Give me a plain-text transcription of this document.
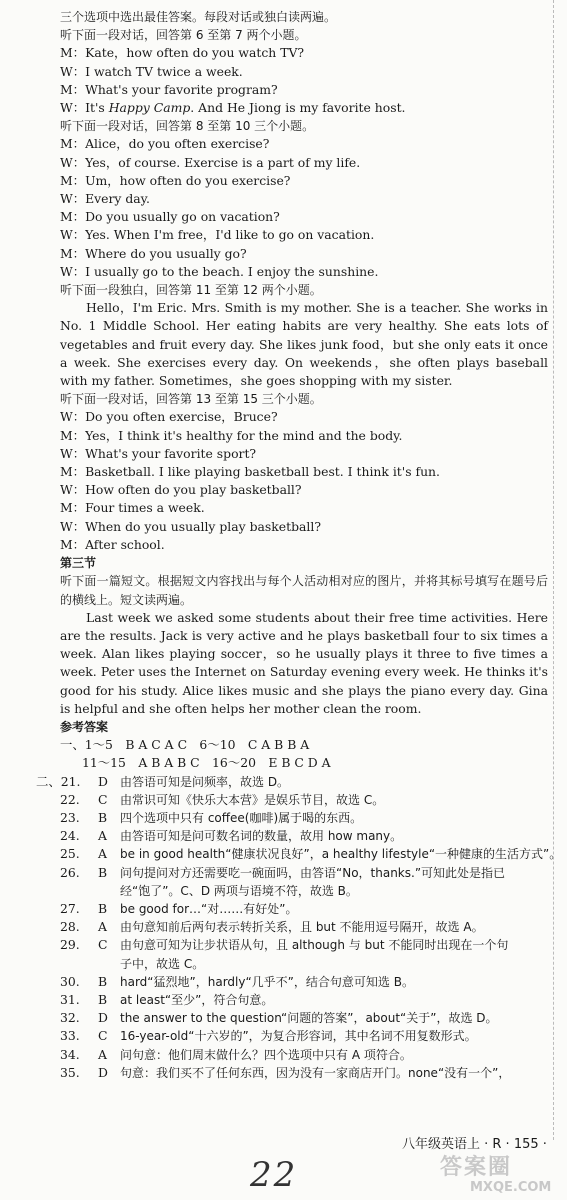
三个选项中选出最佳答案。每段对话或独白读两遍。
听下面一段对话，回答第 6 至第 7 两个小题。
M：Kate，how often do you watch TV?
W：I watch TV twice a week.
M：What's your favorite program?
W：It's Happy Camp. And He Jiong is my favorite host.
听下面一段对话，回答第 8 至第 10 三个小题。
M：Alice，do you often exercise?
W：Yes，of course. Exercise is a part of my life.
M：Um，how often do you exercise?
W：Every day.
M：Do you usually go on vacation?
W：Yes. When I'm free，I'd like to go on vacation.
M：Where do you usually go?
W：I usually go to the beach. I enjoy the sunshine.
听下面一段独白，回答第 11 至第 12 两个小题。
Hello，I'm Eric. Mrs. Smith is my mother. She is a teacher. She works in No. 1 Middle School. Her eating habits are very healthy. She eats lots of vegetables and fruit every day. She likes junk food，but she only eats it once a week. She exercises every day. On weekends，she often plays baseball with my father. Sometimes，she goes shopping with my sister.
听下面一段对话，回答第 13 至第 15 三个小题。
W：Do you often exercise，Bruce?
M：Yes，I think it's healthy for the mind and the body.
W：What's your favorite sport?
M：Basketball. I like playing basketball best. I think it's fun.
W：How often do you play basketball?
M：Four times a week.
W：When do you usually play basketball?
M：After school.
第三节
听下面一篇短文。根据短文内容找出与每个人活动相对应的图片，并将其标号填写在题号后的横线上。短文读两遍。
Last week we asked some students about their free time activities. Here are the results. Jack is very active and he plays basketball four to six times a week. Alan likes playing soccer，so he usually plays it three to five times a week. Peter uses the Internet on Saturday evening every week. He thinks it's good for his study. Alice likes music and she plays the piano every day. Gina is helpful and she often helps her mother clean the room.
参考答案
一、1～5　B A C A C　6～10　C A B B A
11～15　A B A B C　16～20　E B C D A
二、21.	D	由答语可知是问频率，故选 D。
22.	C	由常识可知《快乐大本营》是娱乐节目，故选 C。
23.	B	四个选项中只有 coffee(咖啡)属于喝的东西。
24.	A	由答语可知是问可数名词的数量，故用 how many。
25.	A	be in good health“健康状况良好”，a healthy lifestyle“一种健康的生活方式”。
26.	B	问句提问对方还需要吃一碗面吗，由答语“No，thanks.”可知此处是指已
经“饱了”。C、D 两项与语境不符，故选 B。
27.	B	be good for…“对……有好处”。
28.	A	由句意知前后两句表示转折关系，且 but 不能用逗号隔开，故选 A。
29.	C	由句意可知为让步状语从句，且 although 与 but 不能同时出现在一个句
子中，故选 C。
30.	B	hard“猛烈地”，hardly“几乎不”，结合句意可知选 B。
31.	B	at least“至少”，符合句意。
32.	D	the answer to the question“问题的答案”，about“关于”，故选 D。
33.	C	16-year-old“十六岁的”，为复合形容词，其中名词不用复数形式。
34.	A	问句意：他们周末做什么？四个选项中只有 A 项符合。
35.	D	句意：我们买不了任何东西，因为没有一家商店开门。none“没有一个”，
八年级英语上 · R · 155 ·
22	答案圈
MXQE.COM
